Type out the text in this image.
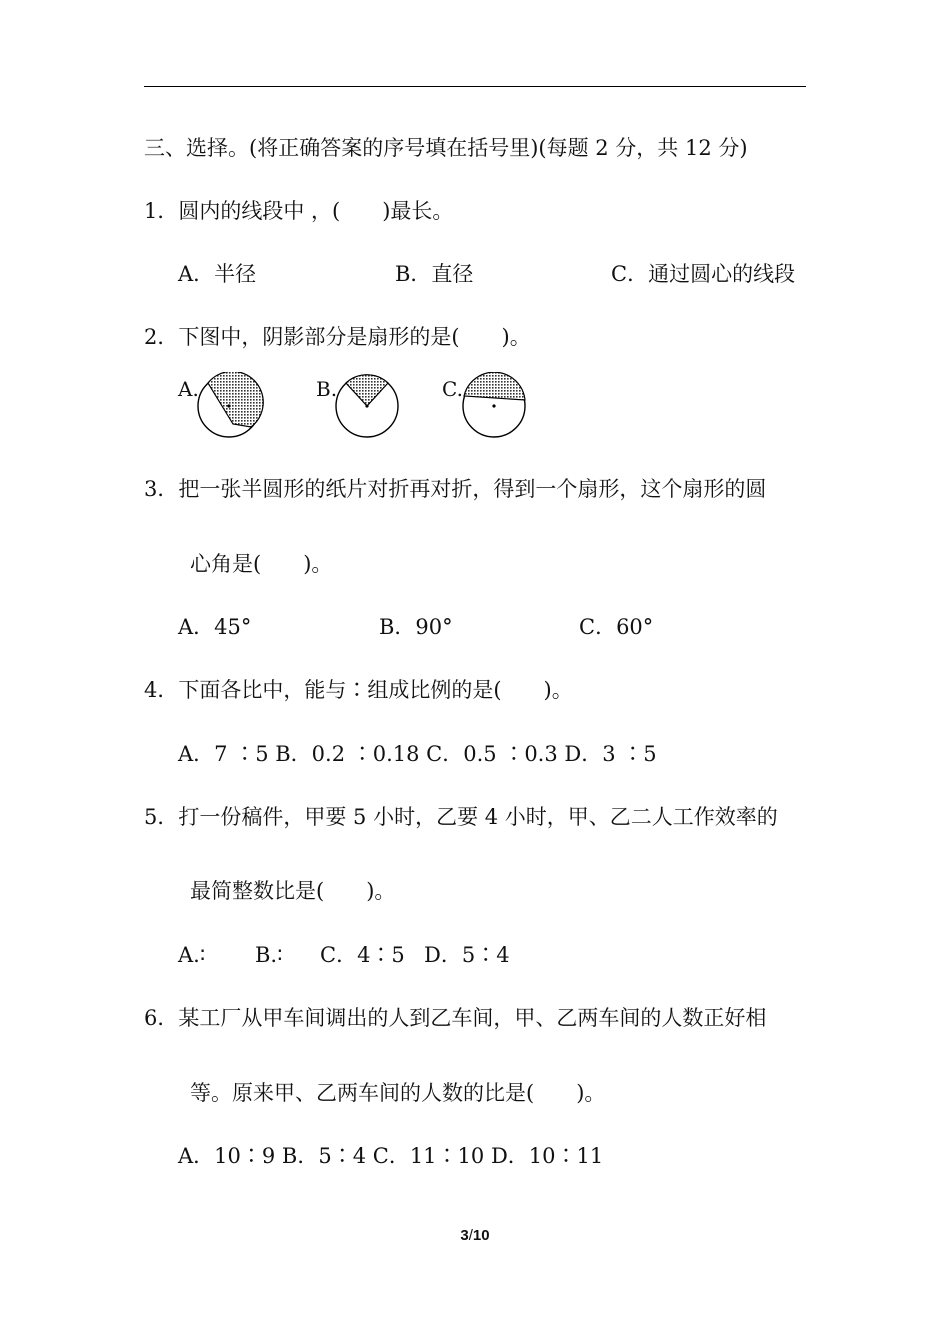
三、选择。(将正确答案的序号填在括号里)(每题 2 分，共 12 分)
1．圆内的线段中 ，(　　)最长。
A．半径	B．直径	C．通过圆心的线段
2．下图中，阴影部分是扇形的是(　　)。
A.	B.	C.
3．把一张半圆形的纸片对折再对折，得到一个扇形，这个扇形的圆
心角是(　　)。
A．45°	B．90°	C．60°
4．下面各比中，能与∶组成比例的是(　　)。
A．7 ∶5 B．0.2 ∶0.18 C．0.5 ∶0.3 D．3 ∶5
5．打一份稿件，甲要 5 小时，乙要 4 小时，甲、乙二人工作效率的
最简整数比是(　　)。
A.∶ B.∶ C．4∶5 D．5∶4
6．某工厂从甲车间调出的人到乙车间，甲、乙两车间的人数正好相
等。原来甲、乙两车间的人数的比是(　　)。
A．10∶9 B．5∶4 C．11∶10 D．10∶11
3/10
